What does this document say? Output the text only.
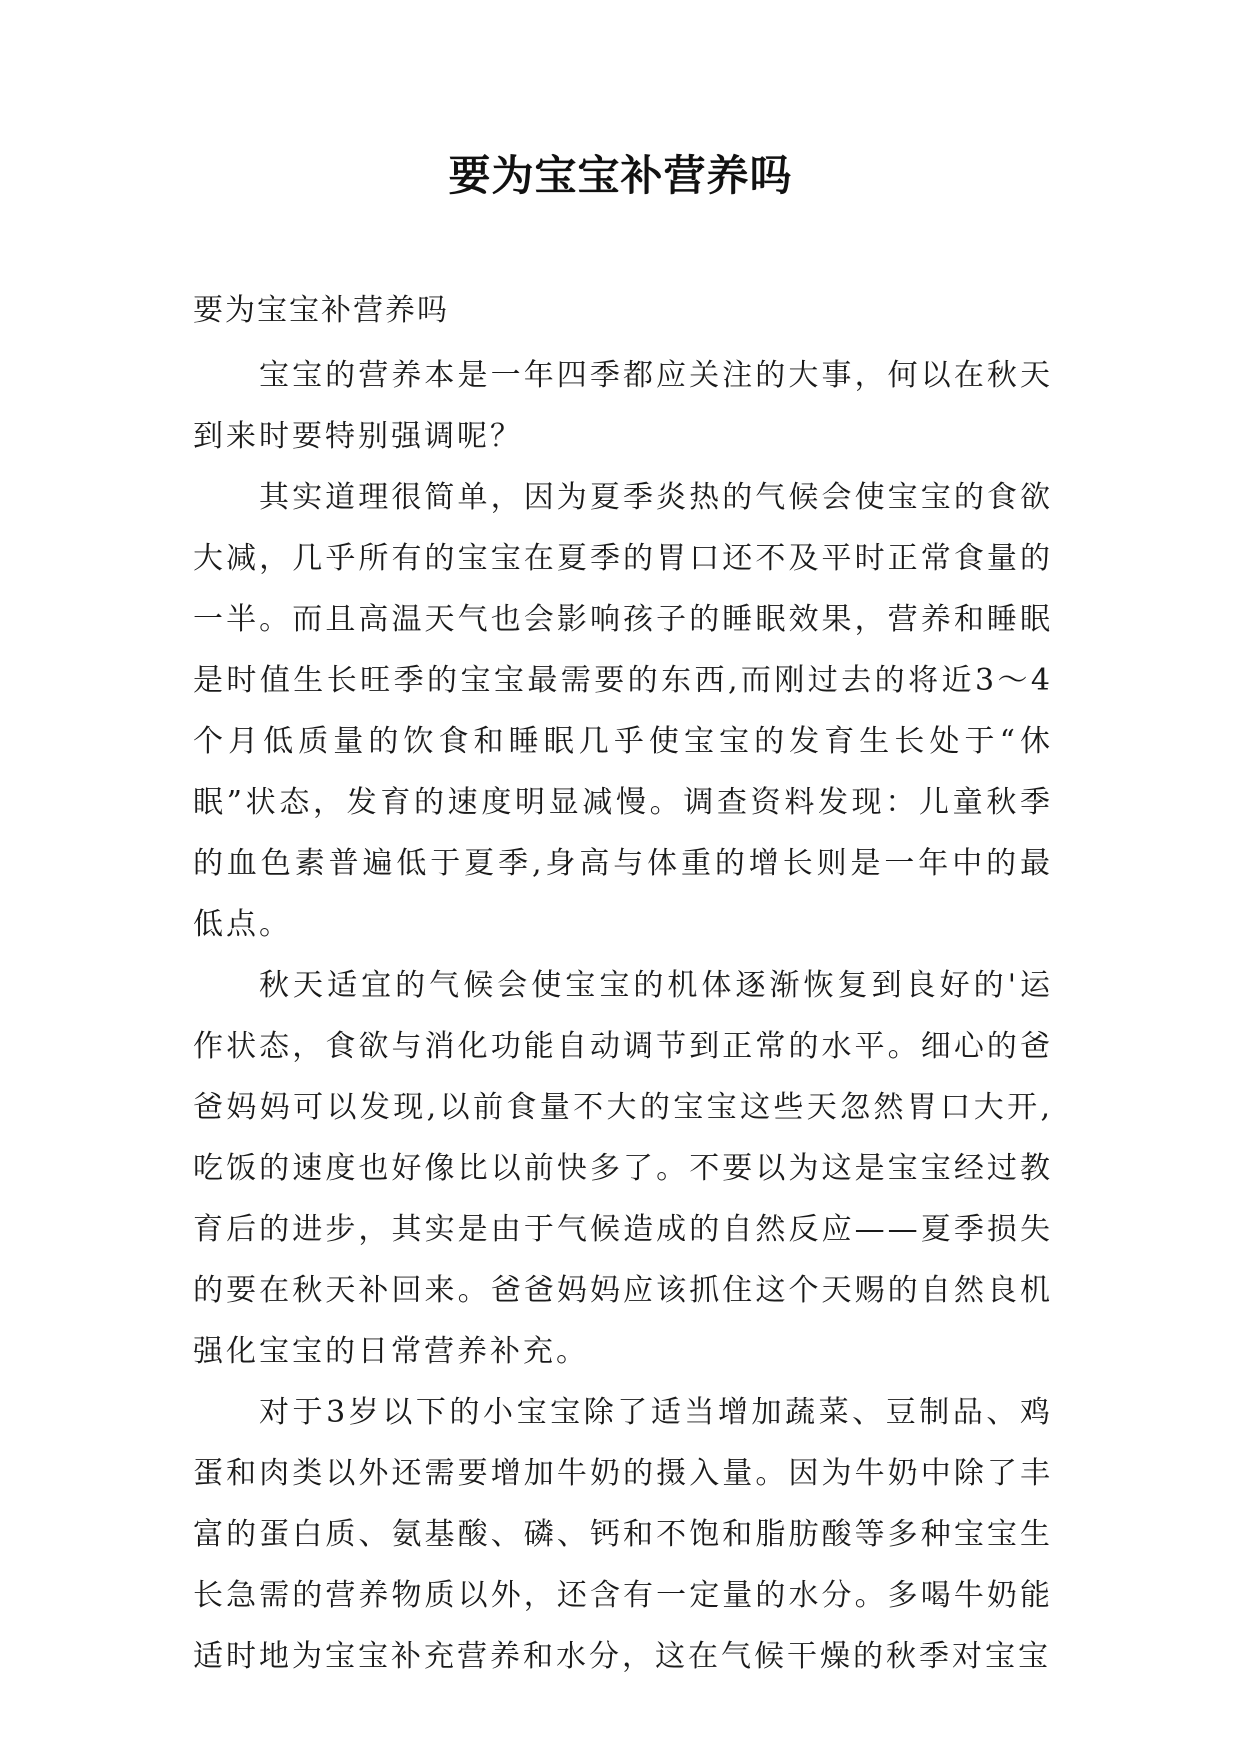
要为宝宝补营养吗

要为宝宝补营养吗

宝宝的营养本是一年四季都应关注的大事，何以在秋天到来时要特别强调呢？

其实道理很简单，因为夏季炎热的气候会使宝宝的食欲大减，几乎所有的宝宝在夏季的胃口还不及平时正常食量的一半。而且高温天气也会影响孩子的睡眠效果，营养和睡眠是时值生长旺季的宝宝最需要的东西,而刚过去的将近3～4个月低质量的饮食和睡眠几乎使宝宝的发育生长处于“休眠”状态，发育的速度明显减慢。调查资料发现：儿童秋季的血色素普遍低于夏季,身高与体重的增长则是一年中的最低点。

秋天适宜的气候会使宝宝的机体逐渐恢复到良好的'运作状态，食欲与消化功能自动调节到正常的水平。细心的爸爸妈妈可以发现,以前食量不大的宝宝这些天忽然胃口大开,吃饭的速度也好像比以前快多了。不要以为这是宝宝经过教育后的进步，其实是由于气候造成的自然反应——夏季损失的要在秋天补回来。爸爸妈妈应该抓住这个天赐的自然良机强化宝宝的日常营养补充。

对于3岁以下的小宝宝除了适当增加蔬菜、豆制品、鸡蛋和肉类以外还需要增加牛奶的摄入量。因为牛奶中除了丰富的蛋白质、氨基酸、磷、钙和不饱和脂肪酸等多种宝宝生长急需的营养物质以外，还含有一定量的水分。多喝牛奶能适时地为宝宝补充营养和水分，这在气候干燥的秋季对宝宝
